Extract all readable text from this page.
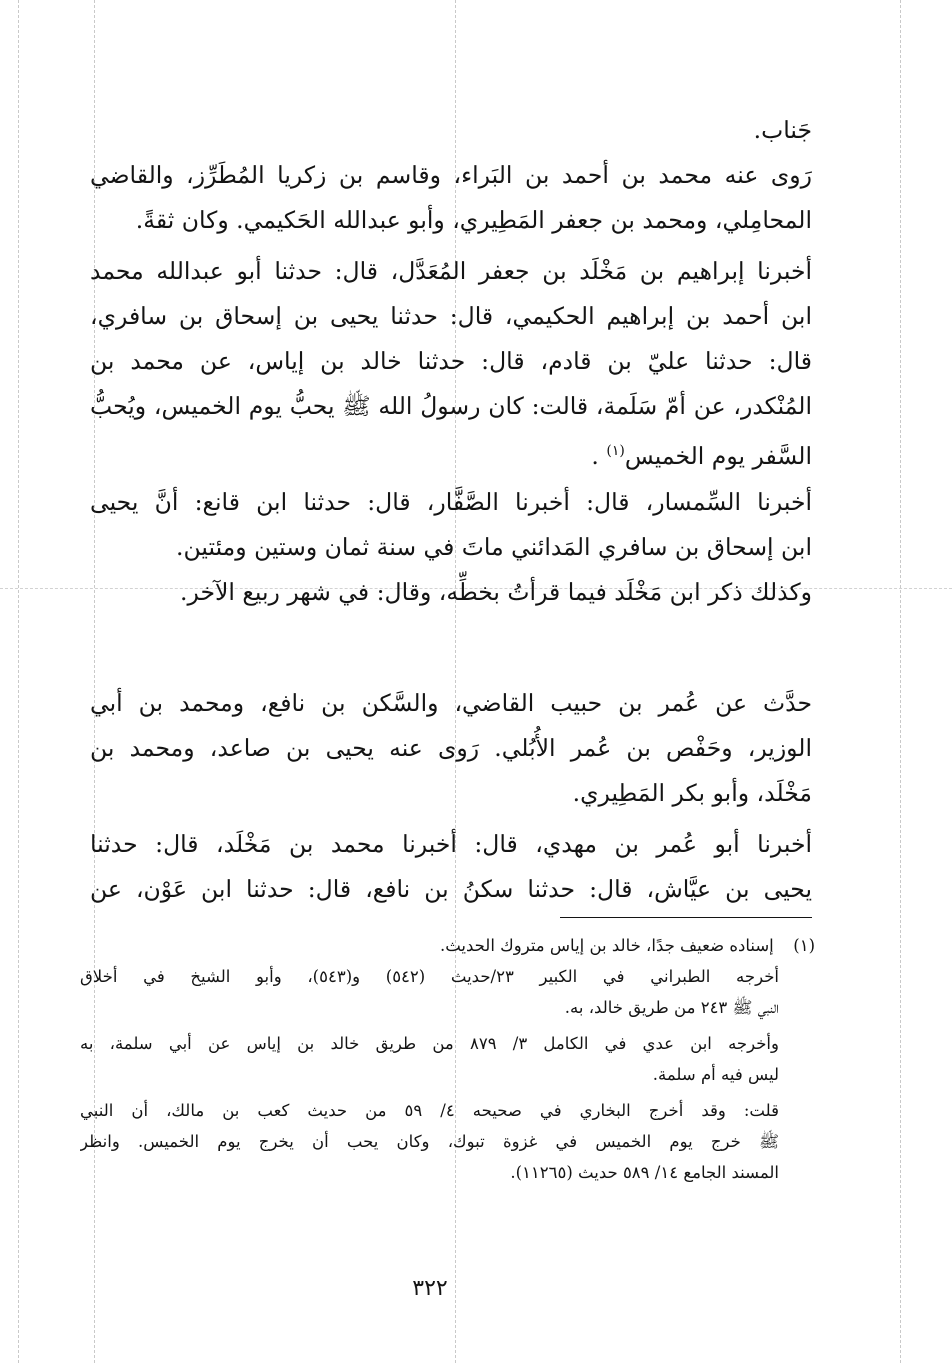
جَناب.
رَوى عنه محمد بن أحمد بن البَراء، وقاسم بن زكريا المُطَرِّز، والقاضي
المحامِلي، ومحمد بن جعفر المَطِيري، وأبو عبدالله الحَكيمي. وكان ثقةً.
أخبرنا إبراهيم بن مَخْلَد بن جعفر المُعَدَّل، قال: حدثنا أبو عبدالله محمد
ابن أحمد بن إبراهيم الحكيمي، قال: حدثنا يحيى بن إسحاق بن سافري،
قال: حدثنا عليّ بن قادم، قال: حدثنا خالد بن إياس، عن محمد بن
المُنْكدر، عن أمّ سَلَمة، قالت: كان رسولُ الله ﷺ يحبُّ يوم الخميس، ويُحبُّ
السَّفر يوم الخميس$^{(١)}$ .
أخبرنا السِّمسار، قال: أخبرنا الصَّفَّار، قال: حدثنا ابن قانع: أنَّ يحيى
ابن إسحاق بن سافري المَدائني ماتَ في سنة ثمان وستين ومئتين.
وكذلك ذكر ابن مَخْلَد فيما قرأتُ بخطِّه، وقال: في شهر ربيع الآخر.
حدَّث عن عُمر بن حبيب القاضي، والسَّكن بن نافع، ومحمد بن أبي
الوزير، وحَفْص بن عُمر الأُبُلي. رَوى عنه يحيى بن صاعد، ومحمد بن
مَخْلَد، وأبو بكر المَطِيري.
أخبرنا أبو عُمر بن مهدي، قال: أخبرنا محمد بن مَخْلَد، قال: حدثنا
يحيى بن عيَّاش، قال: حدثنا سكنُ بن نافع، قال: حدثنا ابن عَوْن، عن
(١) إسناده ضعيف جدًا، خالد بن إياس متروك الحديث.
أخرجه الطبراني في الكبير ٢٣/حديث (٥٤٢) و(٥٤٣)، وأبو الشيخ في أخلاق
النبي ﷺ ٢٤٣ من طريق خالد، به.
وأخرجه ابن عدي في الكامل ٣/ ٨٧٩ من طريق خالد بن إياس عن أبي سلمة، به
ليس فيه أم سلمة.
قلت: وقد أخرج البخاري في صحيحه ٤/ ٥٩ من حديث كعب بن مالك، أن النبي
ﷺ خرج يوم الخميس في غزوة تبوك، وكان يحب أن يخرج يوم الخميس. وانظر
المسند الجامع ١٤/ ٥٨٩ حديث (١١٢٦٥).
٣٢٢
